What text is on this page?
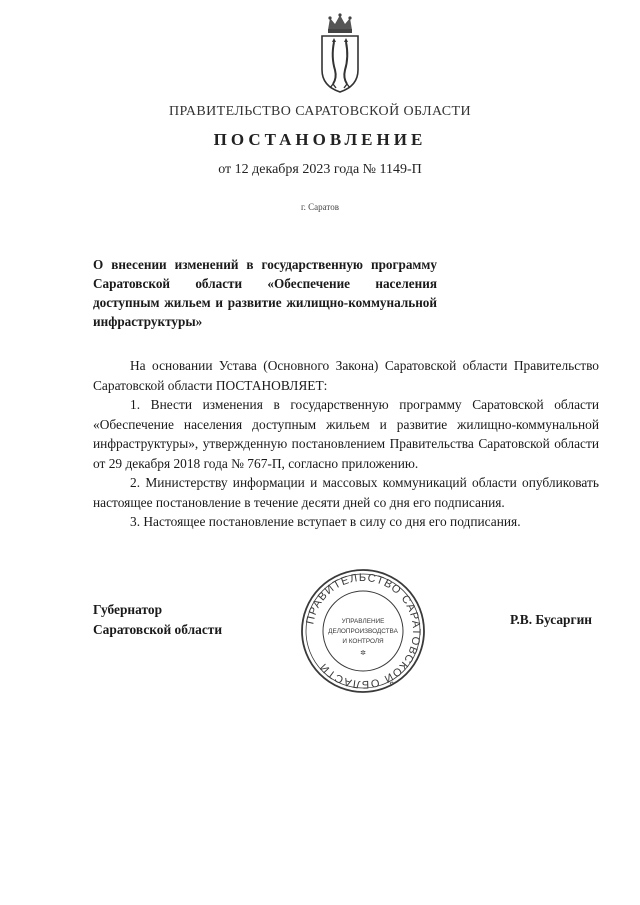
ПРАВИТЕЛЬСТВО САРАТОВСКОЙ ОБЛАСТИ
ПОСТАНОВЛЕНИЕ
от 12 декабря 2023 года № 1149-П
г. Саратов
О внесении изменений в государственную программу Саратовской области «Обеспечение населения доступным жильем и развитие жилищно-коммунальной инфраструктуры»

На основании Устава (Основного Закона) Саратовской области Правительство Саратовской области ПОСТАНОВЛЯЕТ:

1. Внести изменения в государственную программу Саратовской области «Обеспечение населения доступным жильем и развитие жилищно-коммунальной инфраструктуры», утвержденную постановлением Правительства Саратовской области от 29 декабря 2018 года № 767-П, согласно приложению.

2. Министерству информации и массовых коммуникаций области опубликовать настоящее постановление в течение десяти дней со дня его подписания.

3. Настоящее постановление вступает в силу со дня его подписания.

Губернатор
Саратовской области
ПРАВИТЕЛЬСТВО САРАТОВСКОЙ ОБЛАСТИ
УПРАВЛЕНИЕ
ДЕЛОПРОИЗВОДСТВА
И КОНТРОЛЯ
✲
Р.В. Бусаргин
